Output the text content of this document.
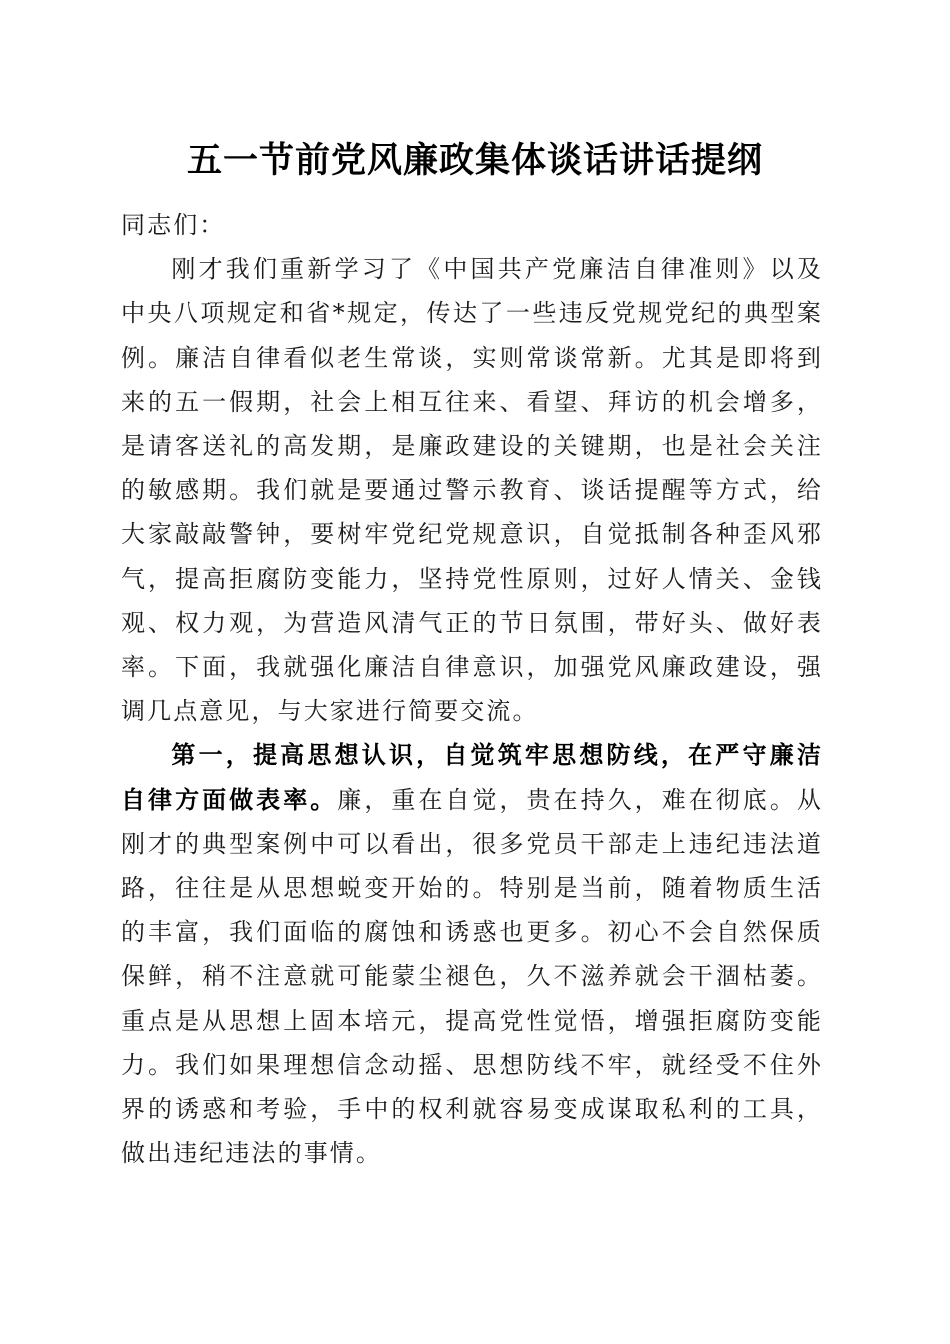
五一节前党风廉政集体谈话讲话提纲

同志们：

刚才我们重新学习了《中国共产党廉洁自律准则》以及中央八项规定和省*规定，传达了一些违反党规党纪的典型案例。廉洁自律看似老生常谈，实则常谈常新。尤其是即将到来的五一假期，社会上相互往来、看望、拜访的机会增多，是请客送礼的高发期，是廉政建设的关键期，也是社会关注的敏感期。我们就是要通过警示教育、谈话提醒等方式，给大家敲敲警钟，要树牢党纪党规意识，自觉抵制各种歪风邪气，提高拒腐防变能力，坚持党性原则，过好人情关、金钱观、权力观，为营造风清气正的节日氛围，带好头、做好表率。下面，我就强化廉洁自律意识，加强党风廉政建设，强调几点意见，与大家进行简要交流。

第一，提高思想认识，自觉筑牢思想防线，在严守廉洁自律方面做表率。廉，重在自觉，贵在持久，难在彻底。从刚才的典型案例中可以看出，很多党员干部走上违纪违法道路，往往是从思想蜕变开始的。特别是当前，随着物质生活的丰富，我们面临的腐蚀和诱惑也更多。初心不会自然保质保鲜，稍不注意就可能蒙尘褪色，久不滋养就会干涸枯萎。重点是从思想上固本培元，提高党性觉悟，增强拒腐防变能力。我们如果理想信念动摇、思想防线不牢，就经受不住外界的诱惑和考验，手中的权利就容易变成谋取私利的工具，做出违纪违法的事情。
